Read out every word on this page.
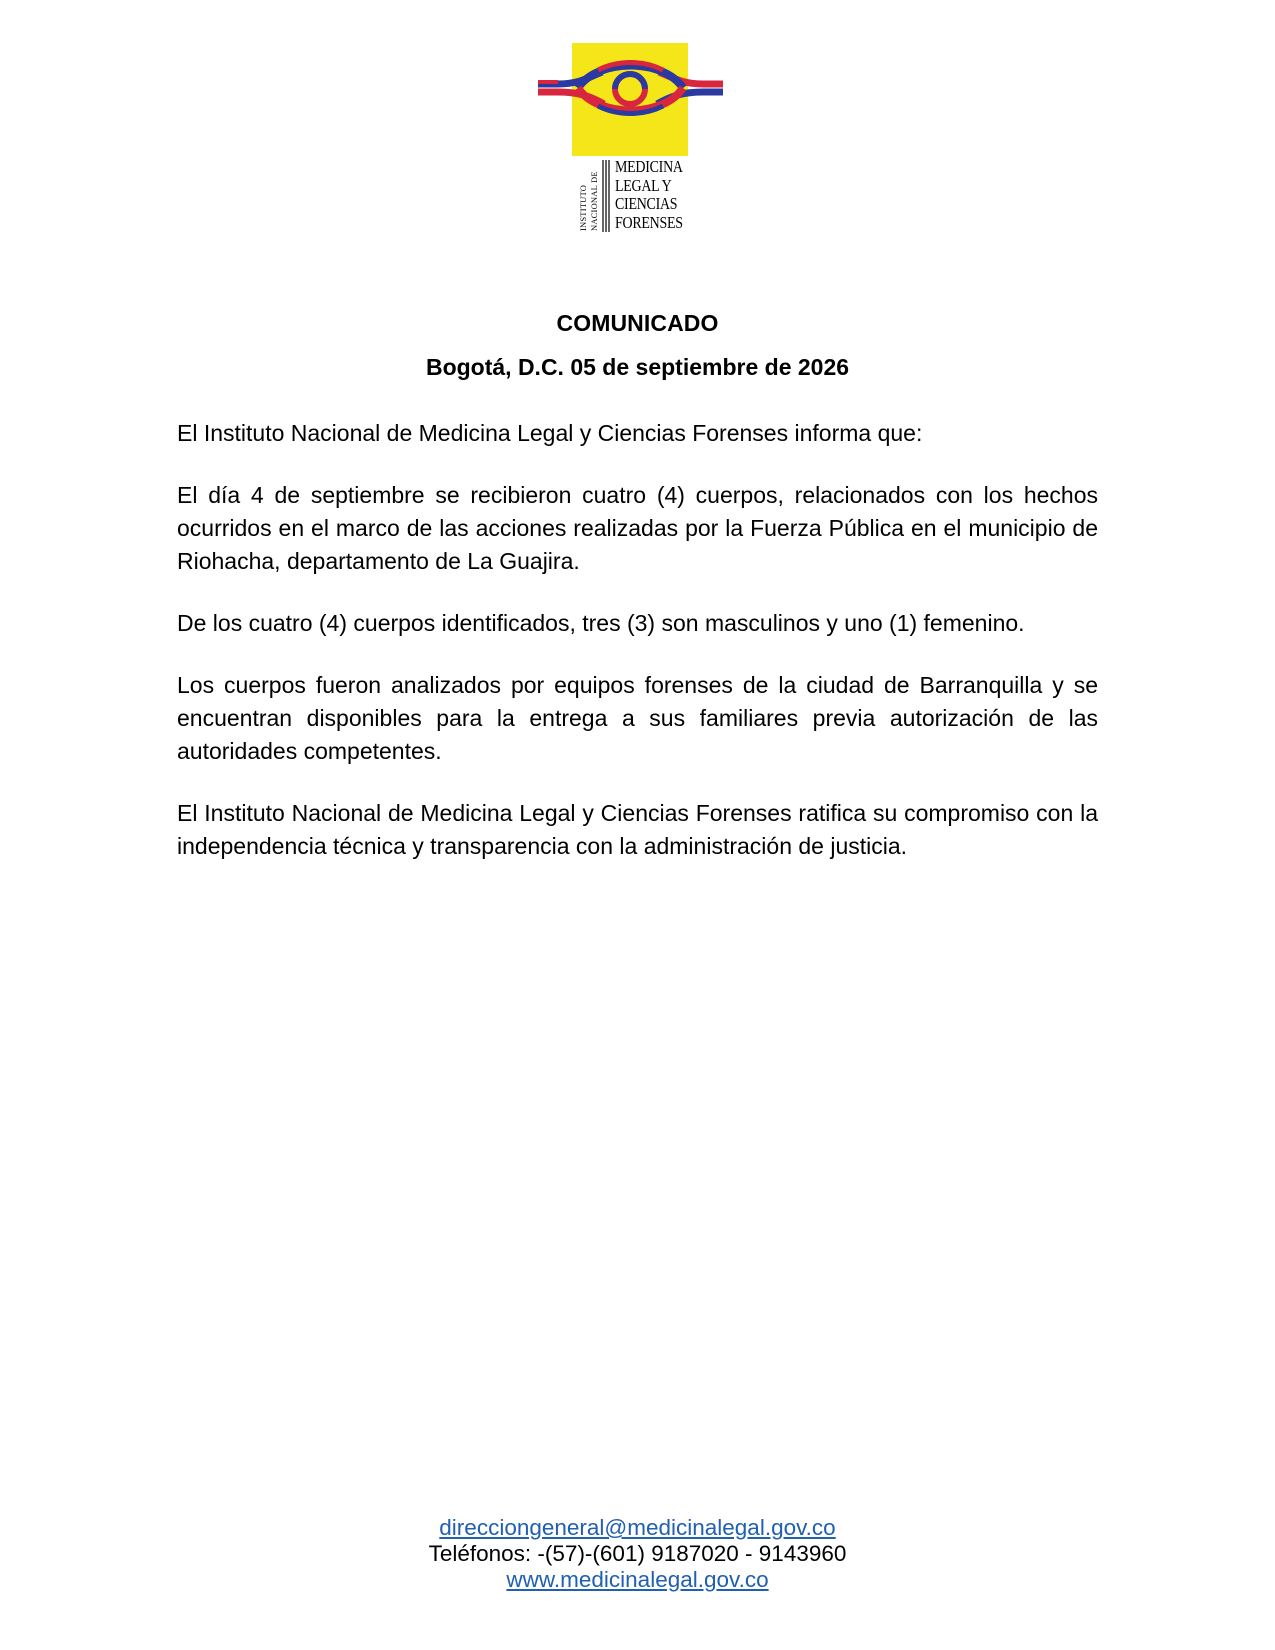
INSTITUTO NACIONAL DE
MEDICINA
LEGAL Y
CIENCIAS
FORENSES
COMUNICADO
Bogotá, D.C. 05 de septiembre de 2026

El Instituto Nacional de Medicina Legal y Ciencias Forenses informa que:

El día 4 de septiembre se recibieron cuatro (4) cuerpos, relacionados con los hechos ocurridos en el marco de las acciones realizadas por la Fuerza Pública en el municipio de Riohacha, departamento de La Guajira.

De los cuatro (4) cuerpos identificados, tres (3) son masculinos y uno (1) femenino.

Los cuerpos fueron analizados por equipos forenses de la ciudad de Barranquilla y se encuentran disponibles para la entrega a sus familiares previa autorización de las autoridades competentes.

El Instituto Nacional de Medicina Legal y Ciencias Forenses ratifica su compromiso con la independencia técnica y transparencia con la administración de justicia.

direcciongeneral@medicinalegal.gov.co
Teléfonos: -(57)-(601) 9187020 - 9143960
www.medicinalegal.gov.co
